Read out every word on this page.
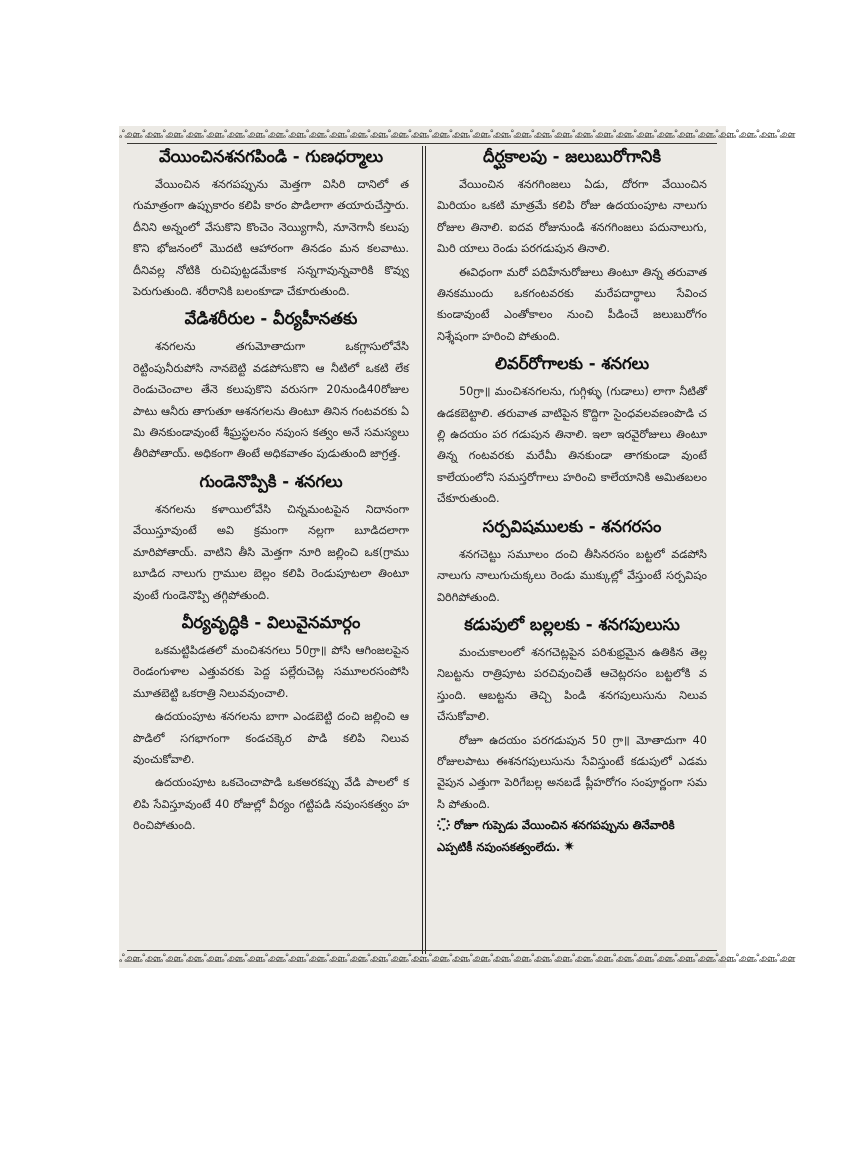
ஃஊஃஊஃஊஃஊஃஊஃஊஃஊஃஊஃஊஃஊஃஊஃஊஃஊஃஊஃஊஃஊஃஊஃஊஃஊஃஊஃஊஃஊஃஊஃஊஃஊஃஊஃஊஃஊஃஊஃஊஃஊஃஊஃஊ
వేయించినశనగపిండి - గుణధర్మాలు

వేయించిన శనగపప్పును మెత్తగా విసిరి దానిలో తగుమాత్రంగా ఉప్పుకారం కలిపి కారం పొడిలాగా తయారుచేస్తారు. దీనిని అన్నంలో వేసుకొని కొంచెం నెయ్యిగానీ, నూనెగానీ కలుపు కొని భోజనంలో మొదటి ఆహారంగా తినడం మన కలవాటు. దీనివల్ల నోటికి రుచిపుట్టడమేకాక సన్నగావున్నవారికి కొవ్వు పెరుగుతుంది. శరీరానికి బలంకూడా చేకూరుతుంది.

వేడిశరీరుల - వీర్యహీనతకు

శనగలను తగుమోతాదుగా ఒకగ్లాసులోవేసి రెట్టింపునీరుపోసి నానబెట్టి వడపోసుకొని ఆ నీటిలో ఒకటి లేక రెండుచెంచాల తేనె కలుపుకొని వరుసగా 20నుండి40రోజులపాటు ఆనీరు తాగుతూ ఆశనగలను తింటూ తినిన గంటవరకు ఏమి తినకుండావుంటే శీఘ్రస్ఖలనం నపుంస కత్వం అనే సమస్యలు తీరిపోతాయ్. అధికంగా తింటే అధికవాతం పుడుతుంది జాగ్రత్త.

గుండెనొప్పికి - శనగలు

శనగలను కళాయిలోవేసి చిన్నమంటపైన నిదానంగా వేయిస్తూవుంటే అవి క్రమంగా నల్లగా బూడిదలాగా మారిపోతాయ్. వాటిని తీసి మెత్తగా నూరి జల్లించి ఒక(గ్రాము బూడిద నాలుగు గ్రాముల బెల్లం కలిపి రెండుపూటలా తింటూ వుంటే గుండెనొప్పి తగ్గిపోతుంది.

వీర్యవృద్ధికి - విలువైనమార్గం

ఒకమట్టిపిడతలో మంచిశనగలు 50గ్రా॥ పోసి ఆగింజలపైన రెండంగుళాల ఎత్తువరకు పెద్ద పల్లేరుచెట్ల సమూలరసంపోసి మూతబెట్టి ఒకరాత్రి నిలువవుంచాలి.

ఉదయంపూట శనగలను బాగా ఎండబెట్టి దంచి జల్లించి ఆ పొడిలో సగభాగంగా కండచక్కెర పొడి కలిపి నిలువవుంచుకోవాలి.

ఉదయంపూట ఒకచెంచాపొడి ఒకఅరకప్పు వేడి పాలలో కలిపి సేవిస్తూవుంటే 40 రోజుల్లో వీర్యం గట్టిపడి నపుంసకత్వం హరించిపోతుంది.

దీర్ఘకాలపు - జలుబురోగానికి

వేయించిన శనగగింజలు ఏడు, దోరగా వేయించిన మిరియం ఒకటి మాత్రమే కలిపి రోజు ఉదయంపూట నాలుగు రోజుల తినాలి. ఐదవ రోజునుండి శనగగింజలు పదునాలుగు, మిరి యాలు రెండు పరగడుపున తినాలి.

ఈవిధంగా మరో పదిహేనురోజులు తింటూ తిన్న తరువాత తినకముందు ఒకగంటవరకు మరేపదార్థాలు సేవించకుండావుంటే ఎంతోకాలం నుంచి పీడించే జలుబురోగం నిశ్శేషంగా హరించి పోతుంది.

లివర్‌రోగాలకు - శనగలు

50గ్రా॥ మంచిశనగలను, గుగ్గిళ్ళు (గుడాలు) లాగా నీటితో ఉడకబెట్టాలి. తరువాత వాటిపైన కొద్దిగా సైంధవలవణంపొడి చల్లి ఉదయం పర గడుపున తినాలి. ఇలా ఇరవైరోజులు తింటూ తిన్న గంటవరకు మరేమీ తినకుండా తాగకుండా వుంటే కాలేయంలోని సమస్తరోగాలు హరించి కాలేయానికి అమితబలం చేకూరుతుంది.

సర్పవిషములకు - శనగరసం

శనగచెట్టు సమూలం దంచి తీసినరసం బట్టలో వడపోసి నాలుగు నాలుగుచుక్కలు రెండు ముక్కుల్లో వేస్తుంటే సర్పవిషం విరిగిపోతుంది.

కడుపులో బల్లలకు - శనగపులుసు

మంచుకాలంలో శనగచెట్లపైన పరిశుభ్రమైన ఉతికిన తెల్లనిబట్టను రాత్రిపూట పరచివుంచితే ఆచెట్లరసం బట్టలోకి వస్తుంది. ఆబట్టను తెచ్చి పిండి శనగపులుసును నిలువ చేసుకోవాలి.

రోజూ ఉదయం పరగడుపున 50 గ్రా॥ మోతాదుగా 40 రోజులపాటు ఈశనగపులుసును సేవిస్తుంటే కడుపులో ఎడమవైపున ఎత్తుగా పెరిగేబల్ల అనబడే ప్లీహరోగం సంపూర్ణంగా సమసి పోతుంది.

రోజూ గుప్పెడు వేయించిన శనగపప్పును తినేవారికి ఎప్పటికీ నపుంసకత్వంలేదు. ✷

ஃஊஃஊஃஊஃஊஃஊஃஊஃஊஃஊஃஊஃஊஃஊஃஊஃஊஃஊஃஊஃஊஃஊஃஊஃஊஃஊஃஊஃஊஃஊஃஊஃஊஃஊஃஊஃஊஃஊஃஊஃஊஃஊஃஊ
